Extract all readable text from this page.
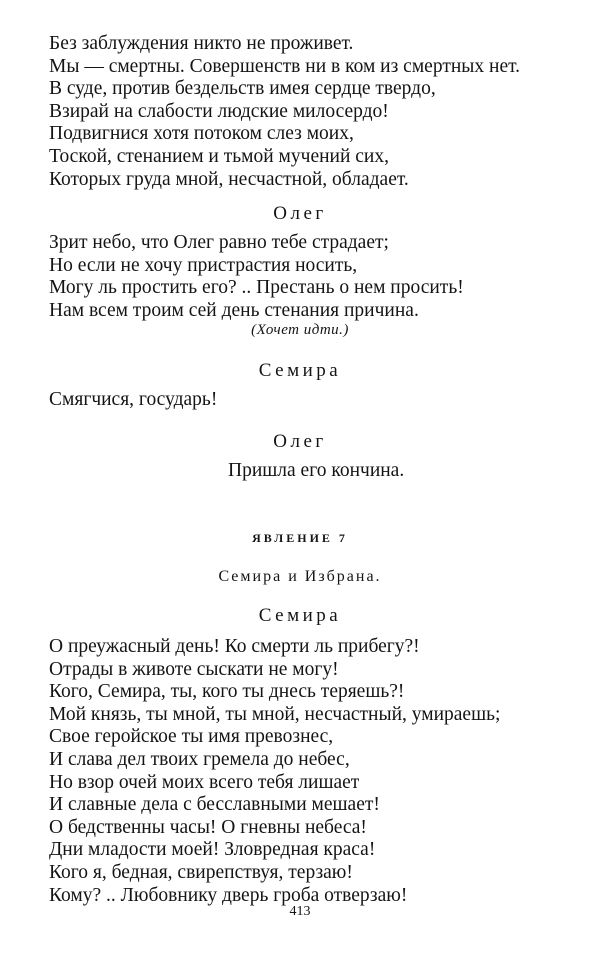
Без заблуждения никто не проживет.
Мы — смертны. Совершенств ни в ком из смертных нет.
В суде, против бездельств имея сердце твердо,
Взирай на слабости людские милосердо!
Подвигнися хотя потоком слез моих,
Тоской, стенанием и тьмой мучений сих,
Которых груда мной, несчастной, обладает.
Олег
Зрит небо, что Олег равно тебе страдает;
Но если не хочу пристрастия носить,
Могу ль простить его? .. Престань о нем просить!
Нам всем троим сей день стенания причина.
(Хочет идти.)
Семира
Смягчися, государь!
Олег
Пришла его кончина.
ЯВЛЕНИЕ 7
Семира и Избрана.
Семира
О преужасный день! Ко смерти ль прибегу?!
Отрады в животе сыскати не могу!
Кого, Семира, ты, кого ты днесь теряешь?!
Мой князь, ты мной, ты мной, несчастный, умираешь;
Свое геройское ты имя превознес,
И слава дел твоих гремела до небес,
Но взор очей моих всего тебя лишает
И славные дела с бесславными мешает!
О бедственны часы! О гневны небеса!
Дни младости моей! Зловредная краса!
Кого я, бедная, свирепствуя, терзаю!
Кому? .. Любовнику дверь гроба отверзаю!
413
